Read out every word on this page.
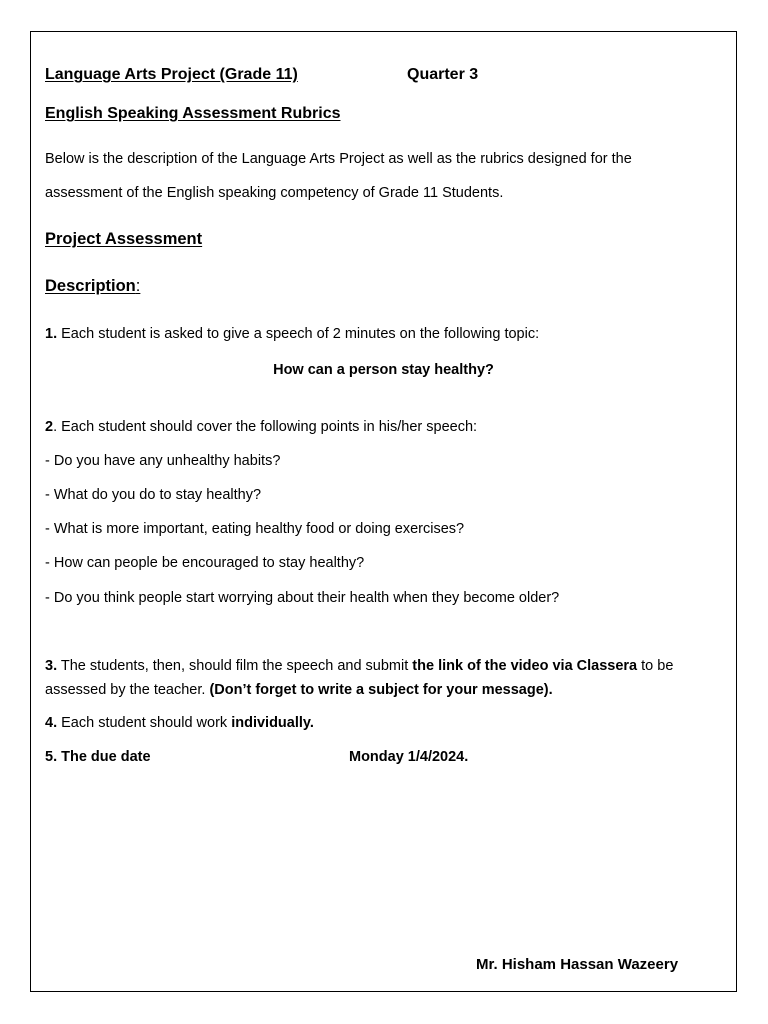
Language Arts Project (Grade 11)	Quarter 3
English Speaking Assessment Rubrics
Below is the description of the Language Arts Project as well as the rubrics designed for the
assessment of the English speaking competency of Grade 11 Students.
Project Assessment
Description:
1. Each student is asked to give a speech of 2 minutes on the following topic:
How can a person stay healthy?
2. Each student should cover the following points in his/her speech:
- Do you have any unhealthy habits?
- What do you do to stay healthy?
- What is more important, eating healthy food or doing exercises?
- How can people be encouraged to stay healthy?
- Do you think people start worrying about their health when they become older?
3. The students, then, should film the speech and submit the link of the video via Classera to be assessed by the teacher. (Don’t forget to write a subject for your message).
4. Each student should work individually.
5. The due date	Monday 1/4/2024.
Mr. Hisham Hassan Wazeery
